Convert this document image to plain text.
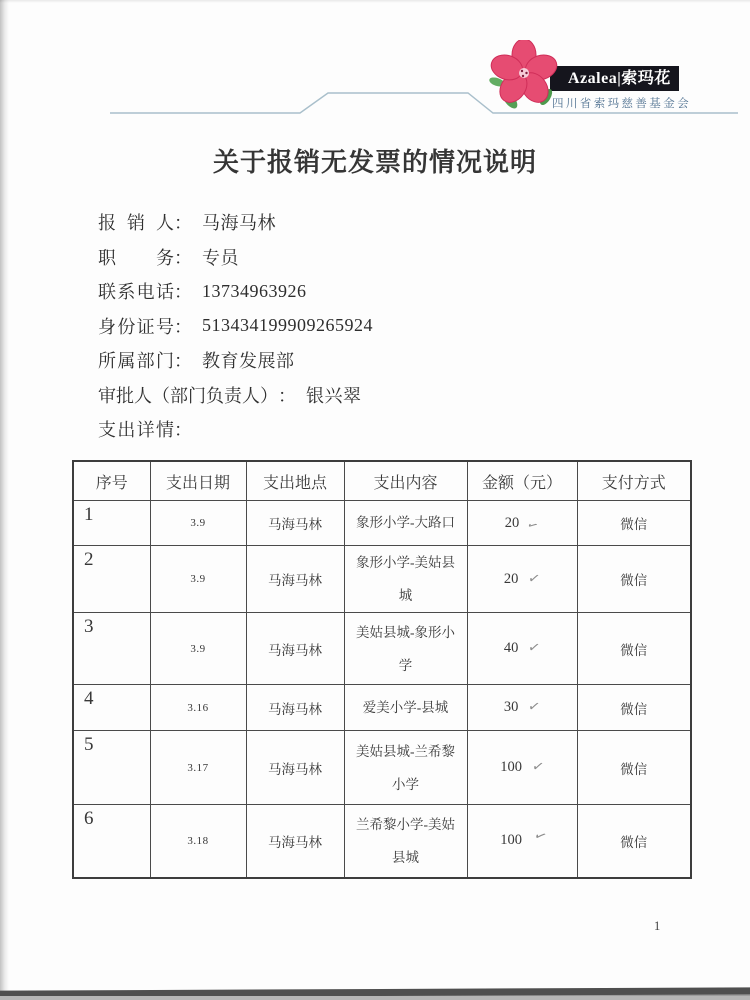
Azalea|索玛花
四川省索玛慈善基金会
关于报销无发票的情况说明
报销人 ： 马海马林
职务 ： 专员
联系电话 ： 13734963926
身份证号 ： 513434199909265924
所属部门 ： 教育发展部
审批人（部门负责人） ： 银兴翠
支出详情 ：
序号	支出日期	支出地点	支出内容	金额（元）	支付方式
1	3.9	马海马林	象形小学-大路口	20 ✓	微信
2	3.9	马海马林	象形小学-美姑县城	20 ✓	微信
3	3.9	马海马林	美姑县城-象形小学	40 ✓	微信
4	3.16	马海马林	爱美小学-县城	30 ✓	微信
5	3.17	马海马林	美姑县城-兰希黎小学	100 ✓	微信
6	3.18	马海马林	兰希黎小学-美姑县城	100 ✓	微信
1
